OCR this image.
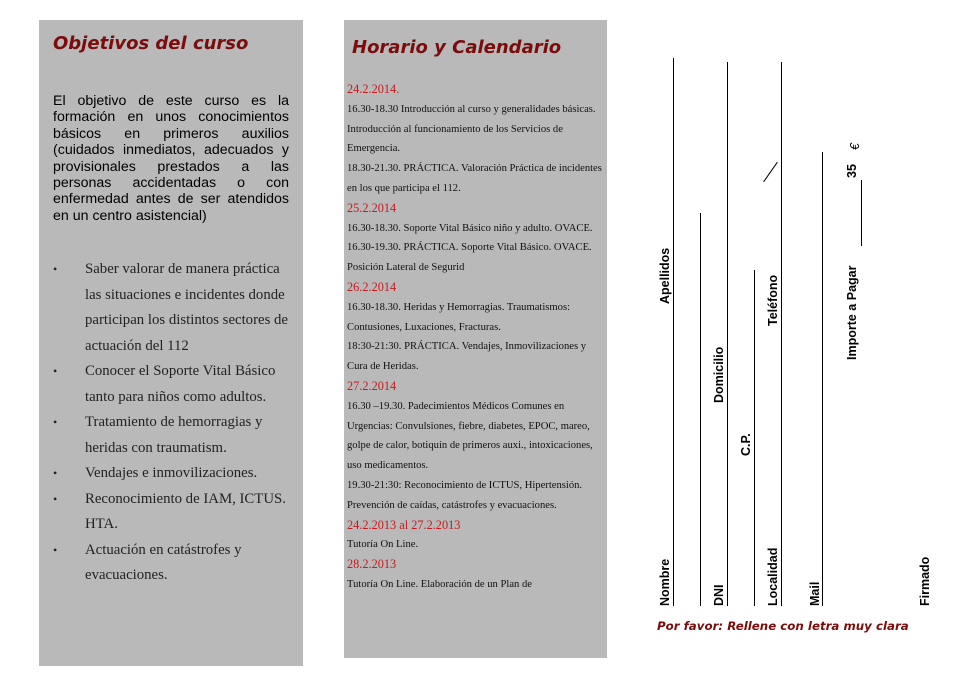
Objetivos del curso
El objetivo de este curso es la formación en unos conocimientos básicos en primeros auxilios (cuidados inmediatos, adecuados y provisionales prestados a las personas accidentadas o con enfermedad antes de ser atendidos en un centro asistencial)
• Saber valorar de manera práctica las situaciones e incidentes donde participan los distintos sectores de actuación del 112
• Conocer el Soporte Vital Básico tanto para niños como adultos.
• Tratamiento de hemorragias y heridas con traumatism.
• Vendajes e inmovilizaciones.
• Reconocimiento de IAM, ICTUS. HTA.
• Actuación en catástrofes y evacuaciones.
Horario y Calendario
24.2.2014.
16.30-18.30 Introducción al curso y generalidades básicas. Introducción al funcionamiento de los Servicios de Emergencia.
18.30-21.30. PRÁCTICA. Valoración Práctica de incidentes en los que participa el 112.
25.2.2014
16.30-18.30. Soporte Vital Básico niño y adulto. OVACE.
16.30-19.30. PRÁCTICA. Soporte Vital Básico. OVACE. Posición Lateral de Segurid
26.2.2014
16.30-18.30. Heridas y Hemorragias. Traumatismos: Contusiones, Luxaciones, Fracturas.
18:30-21:30. PRÁCTICA. Vendajes, Inmovilizaciones y Cura de Heridas.
27.2.2014
16.30 –19.30. Padecimientos Médicos Comunes en Urgencias: Convulsiones, fiebre, diabetes, EPOC, mareo, golpe de calor, botiquín de primeros auxi., intoxicaciones, uso medicamentos.
19.30-21:30: Reconocimiento de ICTUS, Hipertensión. Prevención de caídas, catástrofes y evacuaciones.
24.2.2013 al 27.2.2013
Tutoría On Line.
28.2.2013
Tutoría On Line. Elaboración de un Plan de	Nombre
Apellidos
DNI
Domicilio
C.P.
Localidad
Teléfono
Mail
Importe a Pagar
35
€
Firmado
Por favor: Rellene con letra muy clara
